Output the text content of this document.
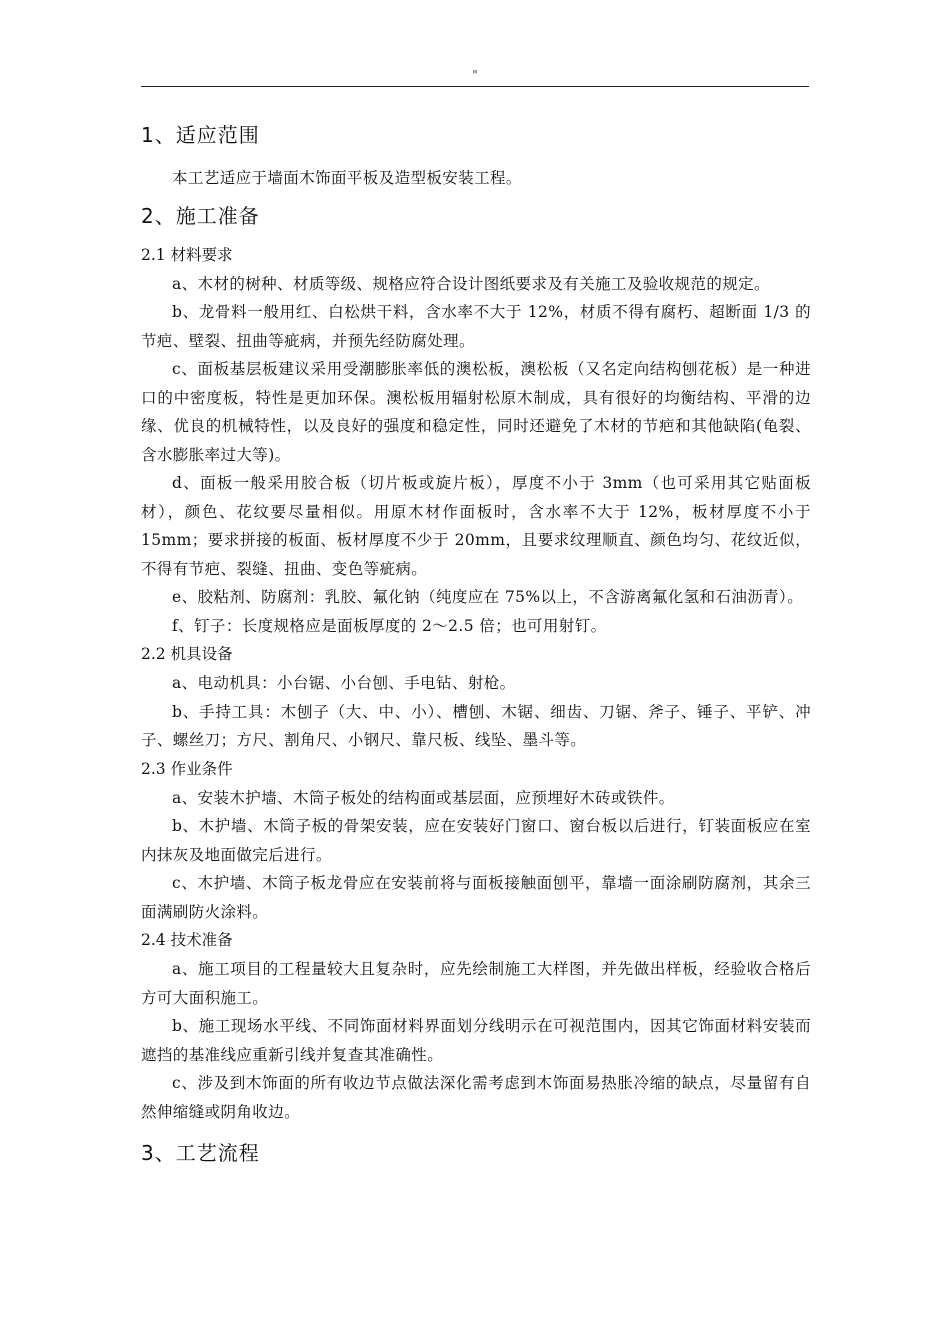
"
1、适应范围

本工艺适应于墙面木饰面平板及造型板安装工程。

2、施工准备
2.1 材料要求

a、木材的树种、材质等级、规格应符合设计图纸要求及有关施工及验收规范的规定。

b、龙骨料一般用红、白松烘干料，含水率不大于 12%，材质不得有腐朽、超断面 1/3 的节疤、壁裂、扭曲等疵病，并预先经防腐处理。

c、面板基层板建议采用受潮膨胀率低的澳松板，澳松板（又名定向结构刨花板）是一种进口的中密度板，特性是更加环保。澳松板用辐射松原木制成，具有很好的均衡结构、平滑的边缘、优良的机械特性，以及良好的强度和稳定性，同时还避免了木材的节疤和其他缺陷(龟裂、含水膨胀率过大等)。

d、面板一般采用胶合板（切片板或旋片板），厚度不小于 3mm（也可采用其它贴面板材），颜色、花纹要尽量相似。用原木材作面板时，含水率不大于 12%，板材厚度不小于 15mm；要求拼接的板面、板材厚度不少于 20mm，且要求纹理顺直、颜色均匀、花纹近似，不得有节疤、裂缝、扭曲、变色等疵病。

e、胶粘剂、防腐剂：乳胶、氟化钠（纯度应在 75%以上，不含游离氟化氢和石油沥青）。

f、钉子：长度规格应是面板厚度的 2～2.5 倍；也可用射钉。

2.2 机具设备

a、电动机具：小台锯、小台刨、手电钻、射枪。

b、手持工具：木刨子（大、中、小）、槽刨、木锯、细齿、刀锯、斧子、锤子、平铲、冲子、螺丝刀；方尺、割角尺、小钢尺、靠尺板、线坠、墨斗等。

2.3 作业条件

a、安装木护墙、木筒子板处的结构面或基层面，应预埋好木砖或铁件。

b、木护墙、木筒子板的骨架安装，应在安装好门窗口、窗台板以后进行，钉装面板应在室内抹灰及地面做完后进行。

c、木护墙、木筒子板龙骨应在安装前将与面板接触面刨平，靠墙一面涂刷防腐剂，其余三面满刷防火涂料。

2.4 技术准备

a、施工项目的工程量较大且复杂时，应先绘制施工大样图，并先做出样板，经验收合格后方可大面积施工。

b、施工现场水平线、不同饰面材料界面划分线明示在可视范围内，因其它饰面材料安装而遮挡的基准线应重新引线并复查其准确性。

c、涉及到木饰面的所有收边节点做法深化需考虑到木饰面易热胀冷缩的缺点，尽量留有自然伸缩缝或阴角收边。

3、工艺流程
